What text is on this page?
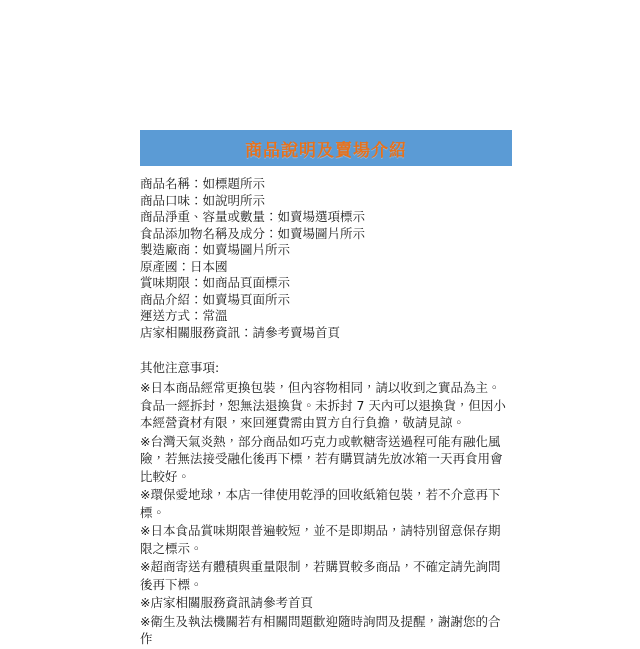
商品說明及賣場介紹
商品名稱：如標題所示
商品口味：如說明所示
商品淨重、容量或數量：如賣場選項標示
食品添加物名稱及成分：如賣場圖片所示
製造廠商：如賣場圖片所示
原產國：日本國
賞味期限：如商品頁面標示
商品介紹：如賣場頁面所示
運送方式：常溫
店家相關服務資訊：請參考賣場首頁
其他注意事項:
※日本商品經常更換包裝，但內容物相同，請以收到之實品為主。食品一經拆封，恕無法退換貨。未拆封 7 天內可以退換貨，但因小本經營資材有限，來回運費需由買方自行負擔，敬請見諒。
※台灣天氣炎熱，部分商品如巧克力或軟糖寄送過程可能有融化風險，若無法接受融化後再下標，若有購買請先放冰箱一天再食用會比較好。
※環保愛地球，本店一律使用乾淨的回收紙箱包裝，若不介意再下標。
※日本食品賞味期限普遍較短，並不是即期品，請特別留意保存期限之標示。
※超商寄送有體積與重量限制，若購買較多商品，不確定請先詢問後再下標。
※店家相關服務資訊請參考首頁
※衛生及執法機關若有相關問題歡迎隨時詢問及提醒，謝謝您的合作
